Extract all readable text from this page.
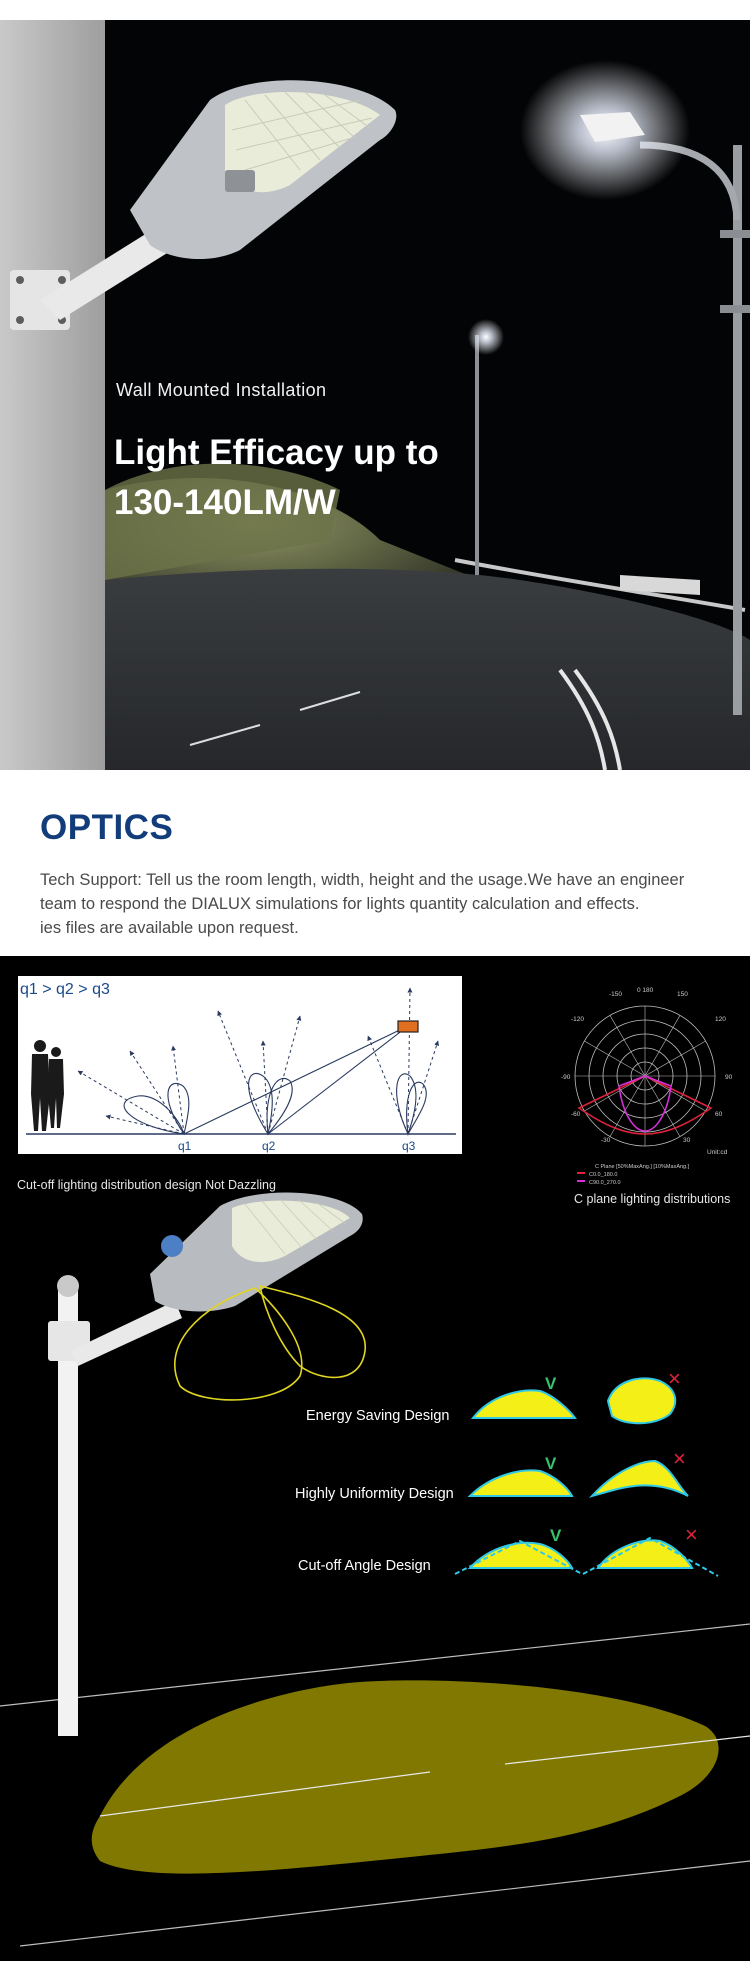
Wall Mounted Installation
Light Efficacy up to
130-140LM/W
OPTICS

Tech Support: Tell us the room length, width, height and the usage.We have an engineer

team to respond the DIALUX simulations for lights quantity calculation and effects.

ies files are available upon request.

q1 > q2 > q3
q1	q2	q3
Cut-off lighting distribution design Not Dazzling
-150
0 180
150
-120	120
-90	90
-60	60
-30	30
Unit:cd
C Plane [50%MaxAng.] [10%MaxAng.]
C0.0_180.0
C90.0_270.0
C plane lighting distributions
Energy Saving Design
Highly Uniformity Design
Cut-off Angle Design
V	×
V	×
V	×
